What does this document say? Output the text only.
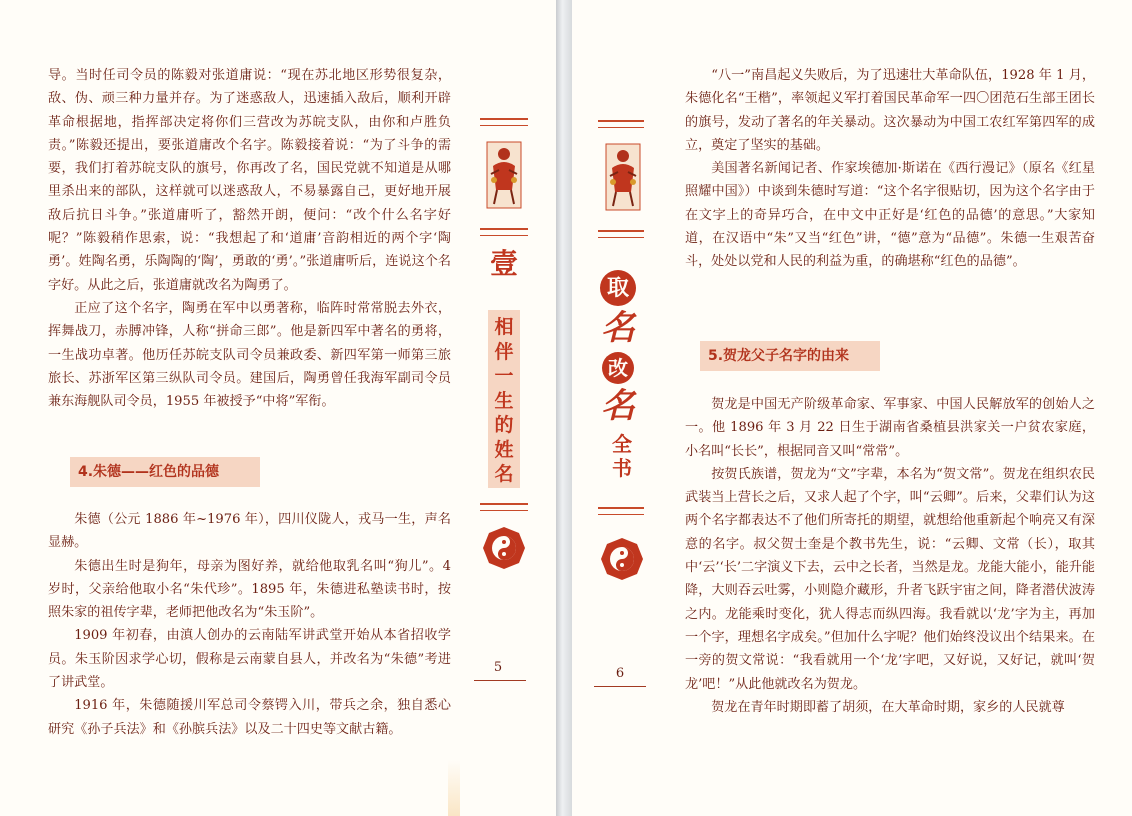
导。当时任司令员的陈毅对张道庸说：“现在苏北地区形势很复杂，敌、伪、顽三种力量并存。为了迷惑敌人，迅速插入敌后，顺利开辟革命根据地，指挥部决定将你们三营改为苏皖支队，由你和卢胜负责。”陈毅还提出，要张道庸改个名字。陈毅接着说：“为了斗争的需要，我们打着苏皖支队的旗号，你再改了名，国民党就不知道是从哪里杀出来的部队，这样就可以迷惑敌人，不易暴露自己，更好地开展敌后抗日斗争。”张道庸听了，豁然开朗，便问：“改个什么名字好呢？”陈毅稍作思索，说：“我想起了和‘道庸’音韵相近的两个字‘陶勇’。姓陶名勇，乐陶陶的‘陶’，勇敢的‘勇’。”张道庸听后，连说这个名字好。从此之后，张道庸就改名为陶勇了。

正应了这个名字，陶勇在军中以勇著称，临阵时常常脱去外衣，挥舞战刀，赤膊冲锋，人称“拼命三郎”。他是新四军中著名的勇将，一生战功卓著。他历任苏皖支队司令员兼政委、新四军第一师第三旅旅长、苏浙军区第三纵队司令员。建国后，陶勇曾任我海军副司令员兼东海舰队司令员，1955 年被授予“中将”军衔。

4.朱德——红色的品德

朱德（公元 1886 年~1976 年），四川仪陇人，戎马一生，声名显赫。

朱德出生时是狗年，母亲为图好养，就给他取乳名叫“狗儿”。4 岁时，父亲给他取小名“朱代珍”。1895 年，朱德进私塾读书时，按照朱家的祖传字辈，老师把他改名为“朱玉阶”。

1909 年初春，由滇人创办的云南陆军讲武堂开始从本省招收学员。朱玉阶因求学心切，假称是云南蒙自县人，并改名为“朱德”考进了讲武堂。

1916 年，朱德随援川军总司令蔡锷入川，带兵之余，独自悉心研究《孙子兵法》和《孙膑兵法》以及二十四史等文献古籍。

壹
相
伴
一
生
的
姓
名
5
取
名
改
名
全
书
6

“八一”南昌起义失败后，为了迅速壮大革命队伍，1928 年 1 月，朱德化名“王楷”，率领起义军打着国民革命军一四〇团范石生部王团长的旗号，发动了著名的年关暴动。这次暴动为中国工农红军第四军的成立，奠定了坚实的基础。

美国著名新闻记者、作家埃德加·斯诺在《西行漫记》（原名《红星照耀中国》）中谈到朱德时写道：“这个名字很贴切，因为这个名字由于在文字上的奇异巧合，在中文中正好是‘红色的品德’的意思。”大家知道，在汉语中“朱”又当“红色”讲，“德”意为“品德”。朱德一生艰苦奋斗，处处以党和人民的利益为重，的确堪称“红色的品德”。

5.贺龙父子名字的由来

贺龙是中国无产阶级革命家、军事家、中国人民解放军的创始人之一。他 1896 年 3 月 22 日生于湖南省桑植县洪家关一户贫农家庭，小名叫“长长”，根据同音又叫“常常”。

按贺氏族谱，贺龙为“文”字辈，本名为“贺文常”。贺龙在组织农民武装当上营长之后，又求人起了个字，叫“云卿”。后来，父辈们认为这两个名字都表达不了他们所寄托的期望，就想给他重新起个响亮又有深意的名字。叔父贺士奎是个教书先生，说：“云卿、文常（长），取其中‘云’‘长’二字演义下去，云中之长者，当然是龙。龙能大能小，能升能降，大则吞云吐雾，小则隐介藏形，升者飞跃宇宙之间，降者潜伏波涛之内。龙能乘时变化，犹人得志而纵四海。我看就以‘龙’字为主，再加一个字，理想名字成矣。”但加什么字呢？他们始终没议出个结果来。在一旁的贺文常说：“我看就用一个‘龙’字吧，又好说，又好记，就叫‘贺龙’吧！”从此他就改名为贺龙。

贺龙在青年时期即蓄了胡须，在大革命时期，家乡的人民就尊
